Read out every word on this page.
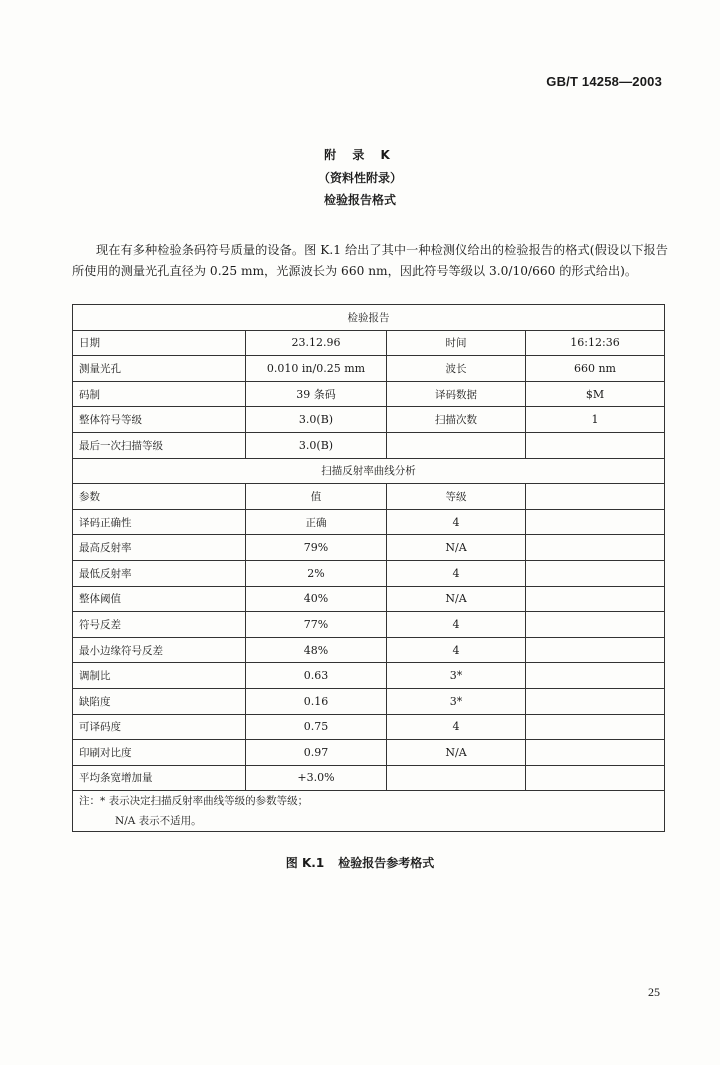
GB/T 14258—2003
附 录 K
（资料性附录）
检验报告格式

现在有多种检验条码符号质量的设备。图 K.1 给出了其中一种检测仪给出的检验报告的格式(假设以下报告所使用的测量光孔直径为 0.25 mm，光源波长为 660 nm，因此符号等级以 3.0/10/660 的形式给出)。

检验报告			
日期	23.12.96	时间	16:12:36
测量光孔	0.010 in/0.25 mm	波长	660 nm
码制	39 条码	译码数据	$M
整体符号等级	3.0(B)	扫描次数	1
最后一次扫描等级	3.0(B)		
扫描反射率曲线分析			
参数	值	等级	
译码正确性	正确	4	
最高反射率	79%	N/A	
最低反射率	2%	4	
整体阈值	40%	N/A	
符号反差	77%	4	
最小边缘符号反差	48%	4	
调制比	0.63	3*	
缺陷度	0.16	3*	
可译码度	0.75	4	
印刷对比度	0.97	N/A	
平均条宽增加量	+3.0%		

注：* 表示决定扫描反射率曲线等级的参数等级；
N/A 表示不适用。			
图 K.1 检验报告参考格式
25
